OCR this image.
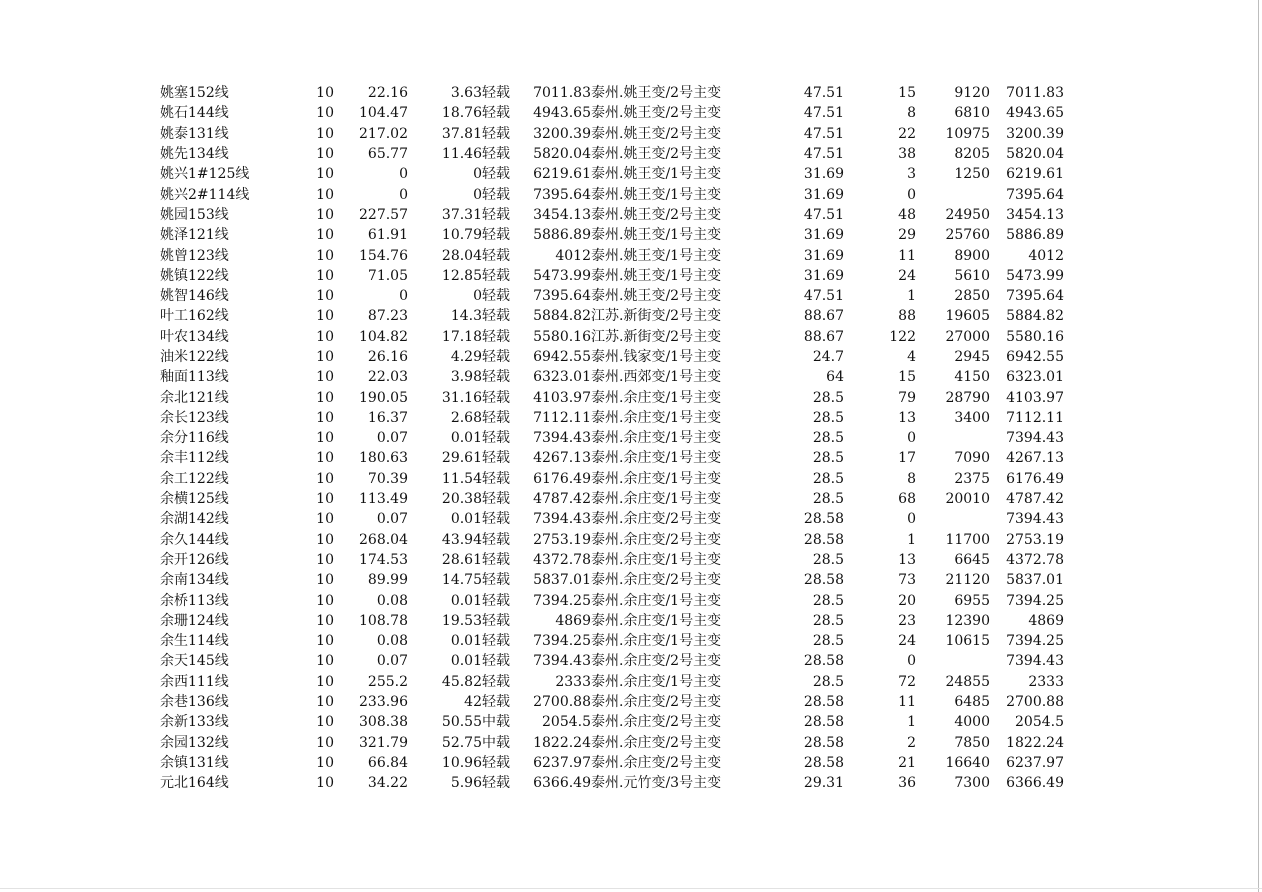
姚塞152线	10	22.16	3.63	轻载	7011.83	泰州.姚王变/2号主变	47.51	15	9120	7011.83
姚石144线	10	104.47	18.76	轻载	4943.65	泰州.姚王变/2号主变	47.51	8	6810	4943.65
姚泰131线	10	217.02	37.81	轻载	3200.39	泰州.姚王变/2号主变	47.51	22	10975	3200.39
姚先134线	10	65.77	11.46	轻载	5820.04	泰州.姚王变/2号主变	47.51	38	8205	5820.04
姚兴1#125线	10	0	0	轻载	6219.61	泰州.姚王变/1号主变	31.69	3	1250	6219.61
姚兴2#114线	10	0	0	轻载	7395.64	泰州.姚王变/1号主变	31.69	0		7395.64
姚园153线	10	227.57	37.31	轻载	3454.13	泰州.姚王变/2号主变	47.51	48	24950	3454.13
姚泽121线	10	61.91	10.79	轻载	5886.89	泰州.姚王变/1号主变	31.69	29	25760	5886.89
姚曾123线	10	154.76	28.04	轻载	4012	泰州.姚王变/1号主变	31.69	11	8900	4012
姚镇122线	10	71.05	12.85	轻载	5473.99	泰州.姚王变/1号主变	31.69	24	5610	5473.99
姚智146线	10	0	0	轻载	7395.64	泰州.姚王变/2号主变	47.51	1	2850	7395.64
叶工162线	10	87.23	14.3	轻载	5884.82	江苏.新街变/2号主变	88.67	88	19605	5884.82
叶农134线	10	104.82	17.18	轻载	5580.16	江苏.新街变/2号主变	88.67	122	27000	5580.16
油米122线	10	26.16	4.29	轻载	6942.55	泰州.钱家变/1号主变	24.7	4	2945	6942.55
釉面113线	10	22.03	3.98	轻载	6323.01	泰州.西郊变/1号主变	64	15	4150	6323.01
余北121线	10	190.05	31.16	轻载	4103.97	泰州.余庄变/1号主变	28.5	79	28790	4103.97
余长123线	10	16.37	2.68	轻载	7112.11	泰州.余庄变/1号主变	28.5	13	3400	7112.11
余分116线	10	0.07	0.01	轻载	7394.43	泰州.余庄变/1号主变	28.5	0		7394.43
余丰112线	10	180.63	29.61	轻载	4267.13	泰州.余庄变/1号主变	28.5	17	7090	4267.13
余工122线	10	70.39	11.54	轻载	6176.49	泰州.余庄变/1号主变	28.5	8	2375	6176.49
余横125线	10	113.49	20.38	轻载	4787.42	泰州.余庄变/1号主变	28.5	68	20010	4787.42
余湖142线	10	0.07	0.01	轻载	7394.43	泰州.余庄变/2号主变	28.58	0		7394.43
余久144线	10	268.04	43.94	轻载	2753.19	泰州.余庄变/2号主变	28.58	1	11700	2753.19
余开126线	10	174.53	28.61	轻载	4372.78	泰州.余庄变/1号主变	28.5	13	6645	4372.78
余南134线	10	89.99	14.75	轻载	5837.01	泰州.余庄变/2号主变	28.58	73	21120	5837.01
余桥113线	10	0.08	0.01	轻载	7394.25	泰州.余庄变/1号主变	28.5	20	6955	7394.25
余珊124线	10	108.78	19.53	轻载	4869	泰州.余庄变/1号主变	28.5	23	12390	4869
余生114线	10	0.08	0.01	轻载	7394.25	泰州.余庄变/1号主变	28.5	24	10615	7394.25
余天145线	10	0.07	0.01	轻载	7394.43	泰州.余庄变/2号主变	28.58	0		7394.43
余西111线	10	255.2	45.82	轻载	2333	泰州.余庄变/1号主变	28.5	72	24855	2333
余巷136线	10	233.96	42	轻载	2700.88	泰州.余庄变/2号主变	28.58	11	6485	2700.88
余新133线	10	308.38	50.55	中载	2054.5	泰州.余庄变/2号主变	28.58	1	4000	2054.5
余园132线	10	321.79	52.75	中载	1822.24	泰州.余庄变/2号主变	28.58	2	7850	1822.24
余镇131线	10	66.84	10.96	轻载	6237.97	泰州.余庄变/2号主变	28.58	21	16640	6237.97
元北164线	10	34.22	5.96	轻载	6366.49	泰州.元竹变/3号主变	29.31	36	7300	6366.49
